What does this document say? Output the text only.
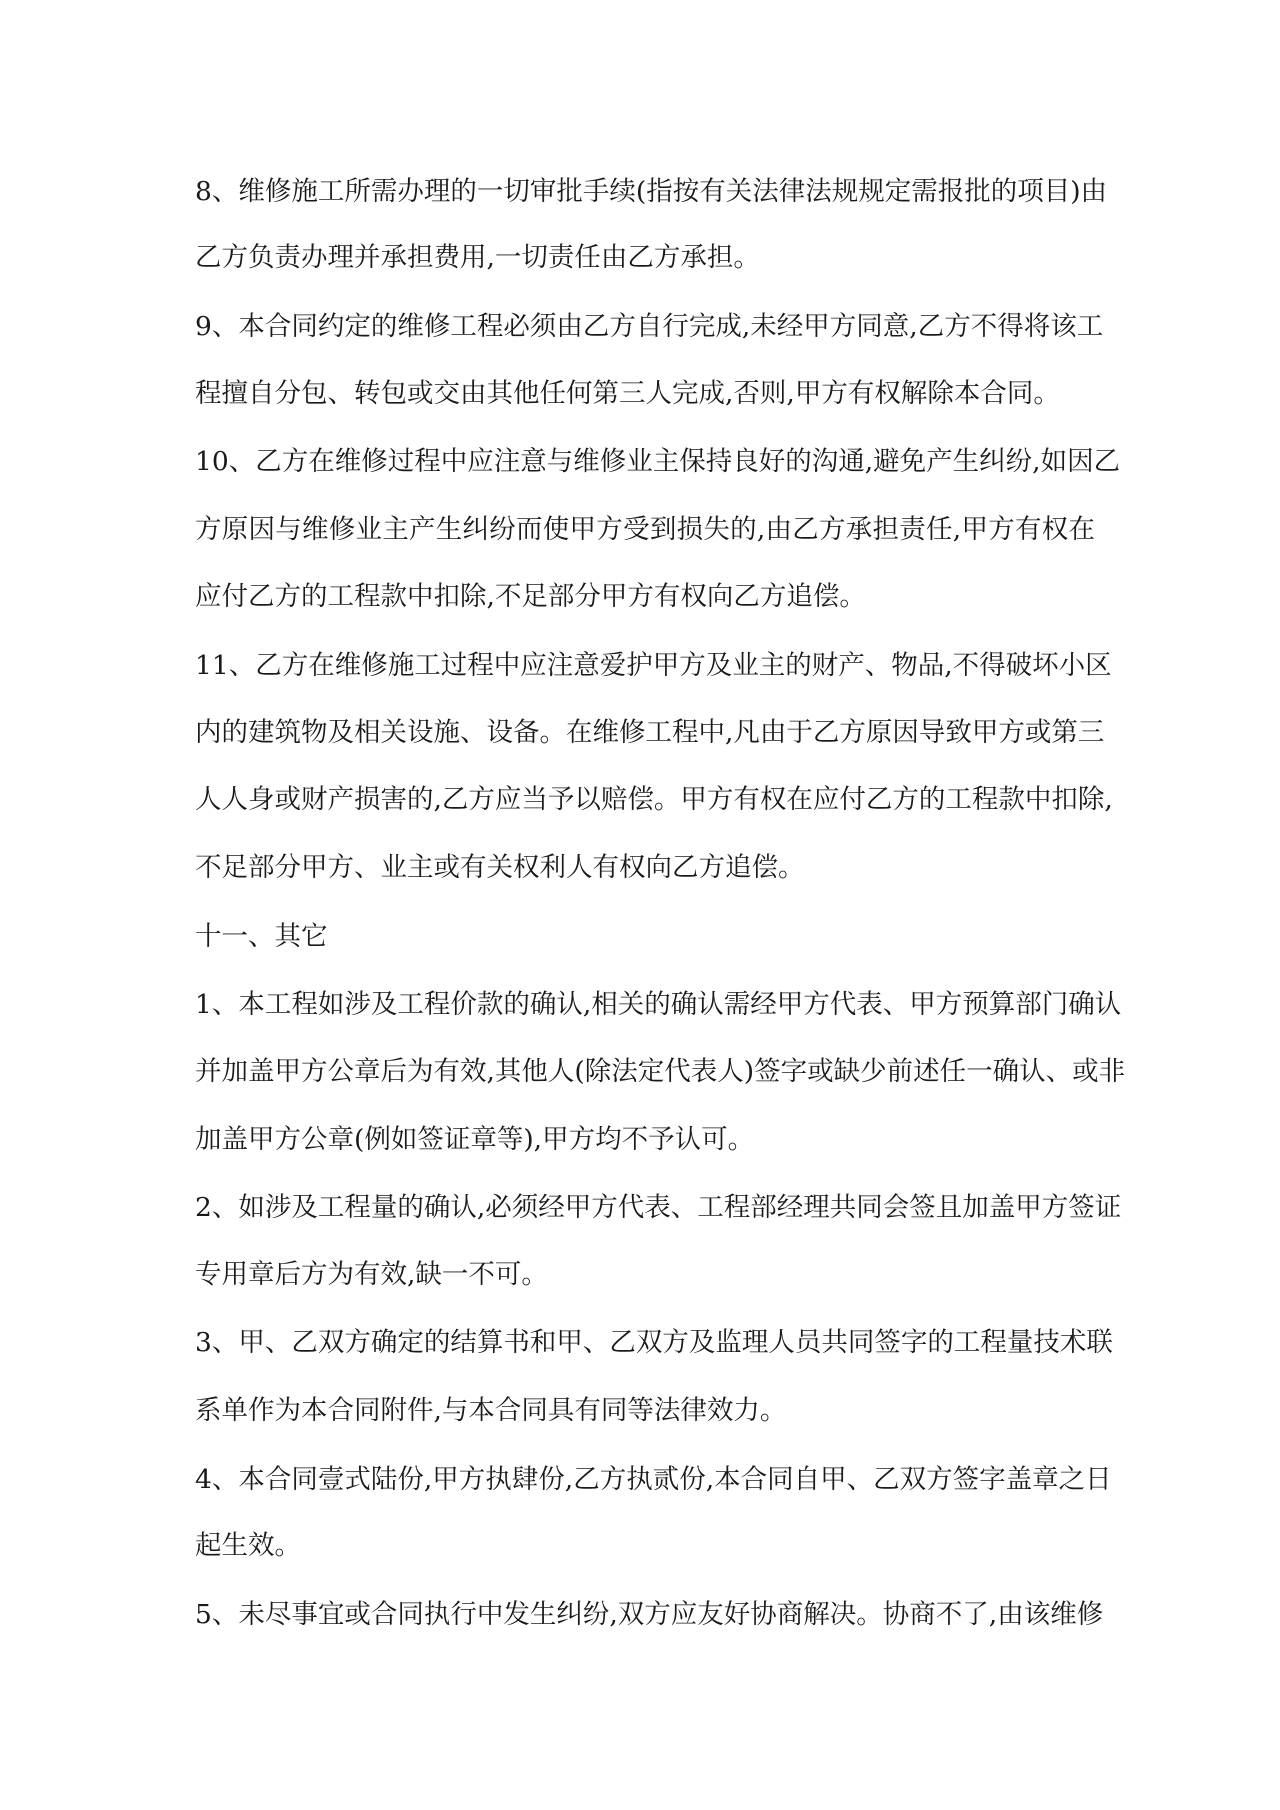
8、维修施工所需办理的一切审批手续(指按有关法律法规规定需报批的项目)由
乙方负责办理并承担费用,一切责任由乙方承担。
9、本合同约定的维修工程必须由乙方自行完成,未经甲方同意,乙方不得将该工
程擅自分包、转包或交由其他任何第三人完成,否则,甲方有权解除本合同。
10、乙方在维修过程中应注意与维修业主保持良好的沟通,避免产生纠纷,如因乙
方原因与维修业主产生纠纷而使甲方受到损失的,由乙方承担责任,甲方有权在
应付乙方的工程款中扣除,不足部分甲方有权向乙方追偿。
11、乙方在维修施工过程中应注意爱护甲方及业主的财产、物品,不得破坏小区
内的建筑物及相关设施、设备。在维修工程中,凡由于乙方原因导致甲方或第三
人人身或财产损害的,乙方应当予以赔偿。甲方有权在应付乙方的工程款中扣除,
不足部分甲方、业主或有关权利人有权向乙方追偿。
十一、其它
1、本工程如涉及工程价款的确认,相关的确认需经甲方代表、甲方预算部门确认
并加盖甲方公章后为有效,其他人(除法定代表人)签字或缺少前述任一确认、或非
加盖甲方公章(例如签证章等),甲方均不予认可。
2、如涉及工程量的确认,必须经甲方代表、工程部经理共同会签且加盖甲方签证
专用章后方为有效,缺一不可。
3、甲、乙双方确定的结算书和甲、乙双方及监理人员共同签字的工程量技术联
系单作为本合同附件,与本合同具有同等法律效力。
4、本合同壹式陆份,甲方执肆份,乙方执贰份,本合同自甲、乙双方签字盖章之日
起生效。
5、未尽事宜或合同执行中发生纠纷,双方应友好协商解决。协商不了,由该维修
